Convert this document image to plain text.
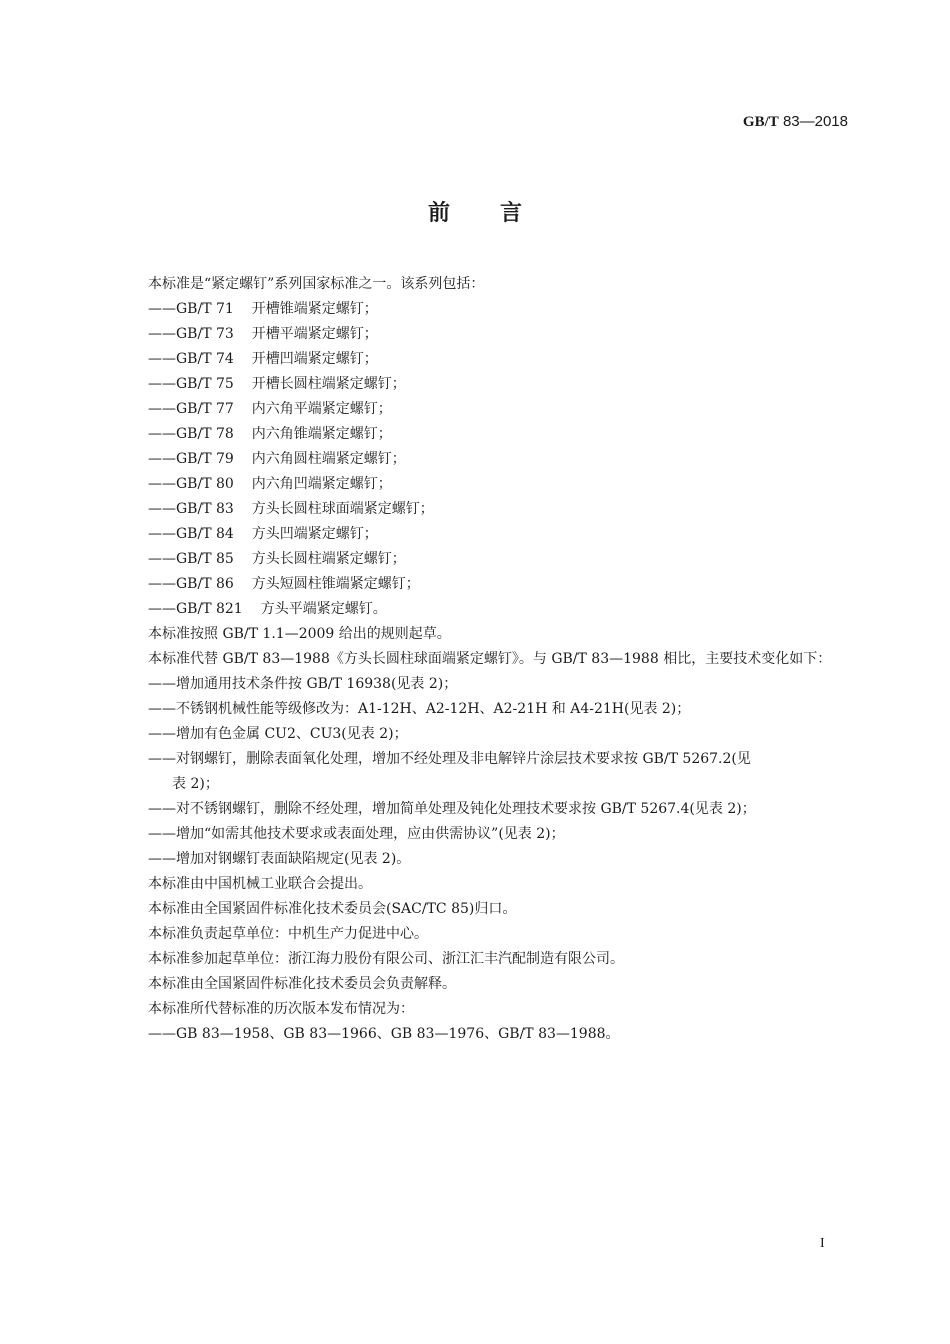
GB/T 83—2018
前言
本标准是“紧定螺钉”系列国家标准之一。该系列包括：
——GB/T 71 开槽锥端紧定螺钉；
——GB/T 73 开槽平端紧定螺钉；
——GB/T 74 开槽凹端紧定螺钉；
——GB/T 75 开槽长圆柱端紧定螺钉；
——GB/T 77 内六角平端紧定螺钉；
——GB/T 78 内六角锥端紧定螺钉；
——GB/T 79 内六角圆柱端紧定螺钉；
——GB/T 80 内六角凹端紧定螺钉；
——GB/T 83 方头长圆柱球面端紧定螺钉；
——GB/T 84 方头凹端紧定螺钉；
——GB/T 85 方头长圆柱端紧定螺钉；
——GB/T 86 方头短圆柱锥端紧定螺钉；
——GB/T 821 方头平端紧定螺钉。
本标准按照 GB/T 1.1—2009 给出的规则起草。
本标准代替 GB/T 83—1988《方头长圆柱球面端紧定螺钉》。与 GB/T 83—1988 相比，主要技术变化如下：
——增加通用技术条件按 GB/T 16938(见表 2)；
——不锈钢机械性能等级修改为：A1-12H、A2-12H、A2-21H 和 A4-21H(见表 2)；
——增加有色金属 CU2、CU3(见表 2)；
——对钢螺钉，删除表面氧化处理，增加不经处理及非电解锌片涂层技术要求按 GB/T 5267.2(见
表 2)；
——对不锈钢螺钉，删除不经处理，增加简单处理及钝化处理技术要求按 GB/T 5267.4(见表 2)；
——增加“如需其他技术要求或表面处理，应由供需协议”(见表 2)；
——增加对钢螺钉表面缺陷规定(见表 2)。
本标准由中国机械工业联合会提出。
本标准由全国紧固件标准化技术委员会(SAC/TC 85)归口。
本标准负责起草单位：中机生产力促进中心。
本标准参加起草单位：浙江海力股份有限公司、浙江汇丰汽配制造有限公司。
本标准由全国紧固件标准化技术委员会负责解释。
本标准所代替标准的历次版本发布情况为：
——GB 83—1958、GB 83—1966、GB 83—1976、GB/T 83—1988。
I
